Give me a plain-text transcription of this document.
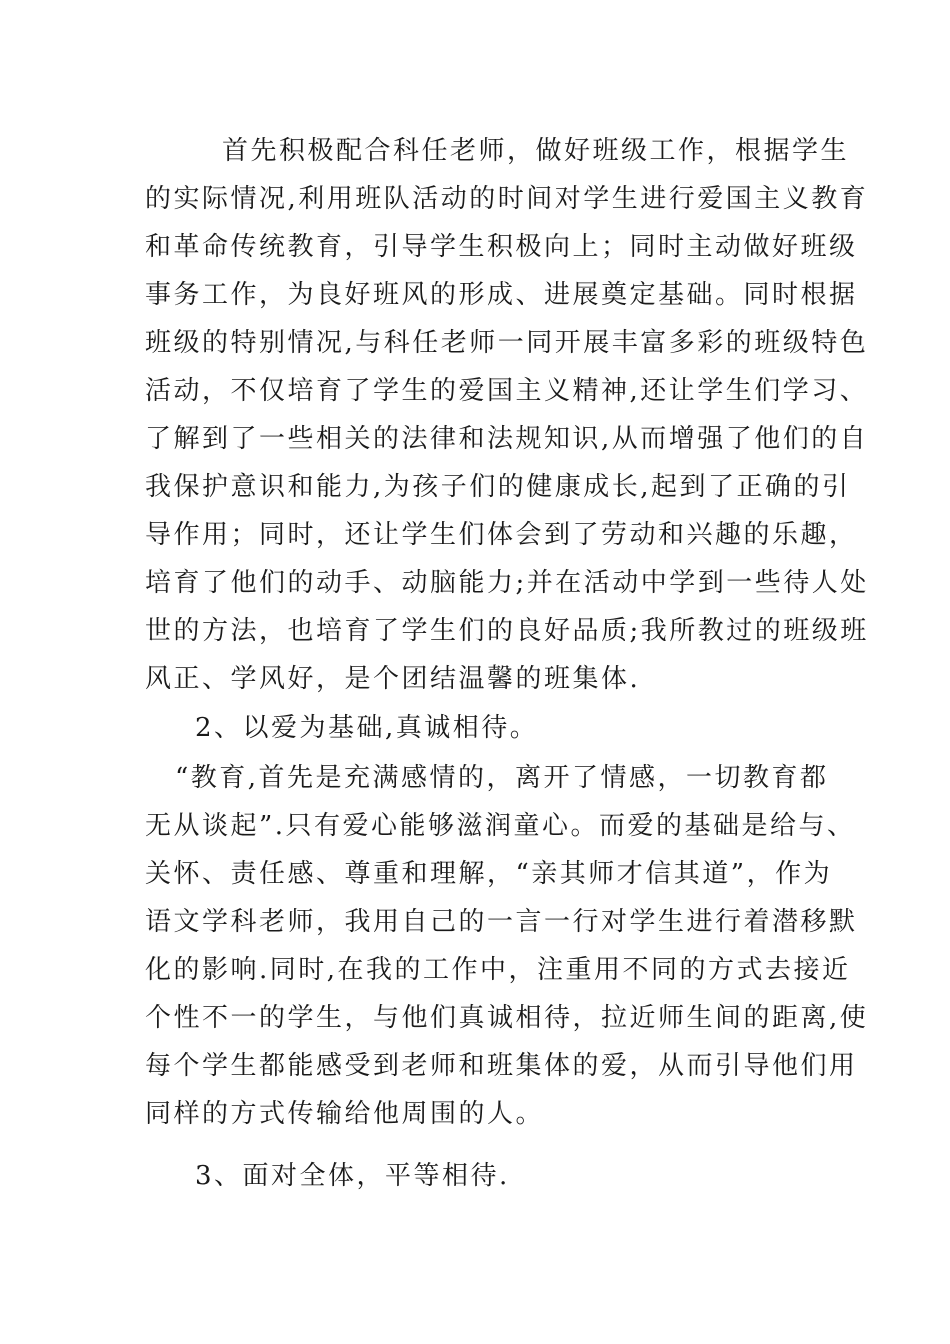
首先积极配合科任老师，做好班级工作，根据学生
的实际情况,利用班队活动的时间对学生进行爱国主义教育
和革命传统教育，引导学生积极向上；同时主动做好班级
事务工作，为良好班风的形成、进展奠定基础。同时根据
班级的特别情况,与科任老师一同开展丰富多彩的班级特色
活动，不仅培育了学生的爱国主义精神,还让学生们学习、
了解到了一些相关的法律和法规知识,从而增强了他们的自
我保护意识和能力,为孩子们的健康成长,起到了正确的引
导作用；同时，还让学生们体会到了劳动和兴趣的乐趣，
培育了他们的动手、动脑能力;并在活动中学到一些待人处
世的方法，也培育了学生们的良好品质;我所教过的班级班
风正、学风好，是个团结温馨的班集体.
2、以爱为基础,真诚相待。
“教育,首先是充满感情的，离开了情感，一切教育都
无从谈起”.只有爱心能够滋润童心。而爱的基础是给与、
关怀、责任感、尊重和理解，“亲其师才信其道”，作为
语文学科老师，我用自己的一言一行对学生进行着潜移默
化的影响.同时,在我的工作中，注重用不同的方式去接近
个性不一的学生，与他们真诚相待，拉近师生间的距离,使
每个学生都能感受到老师和班集体的爱，从而引导他们用
同样的方式传输给他周围的人。
3、面对全体，平等相待.
